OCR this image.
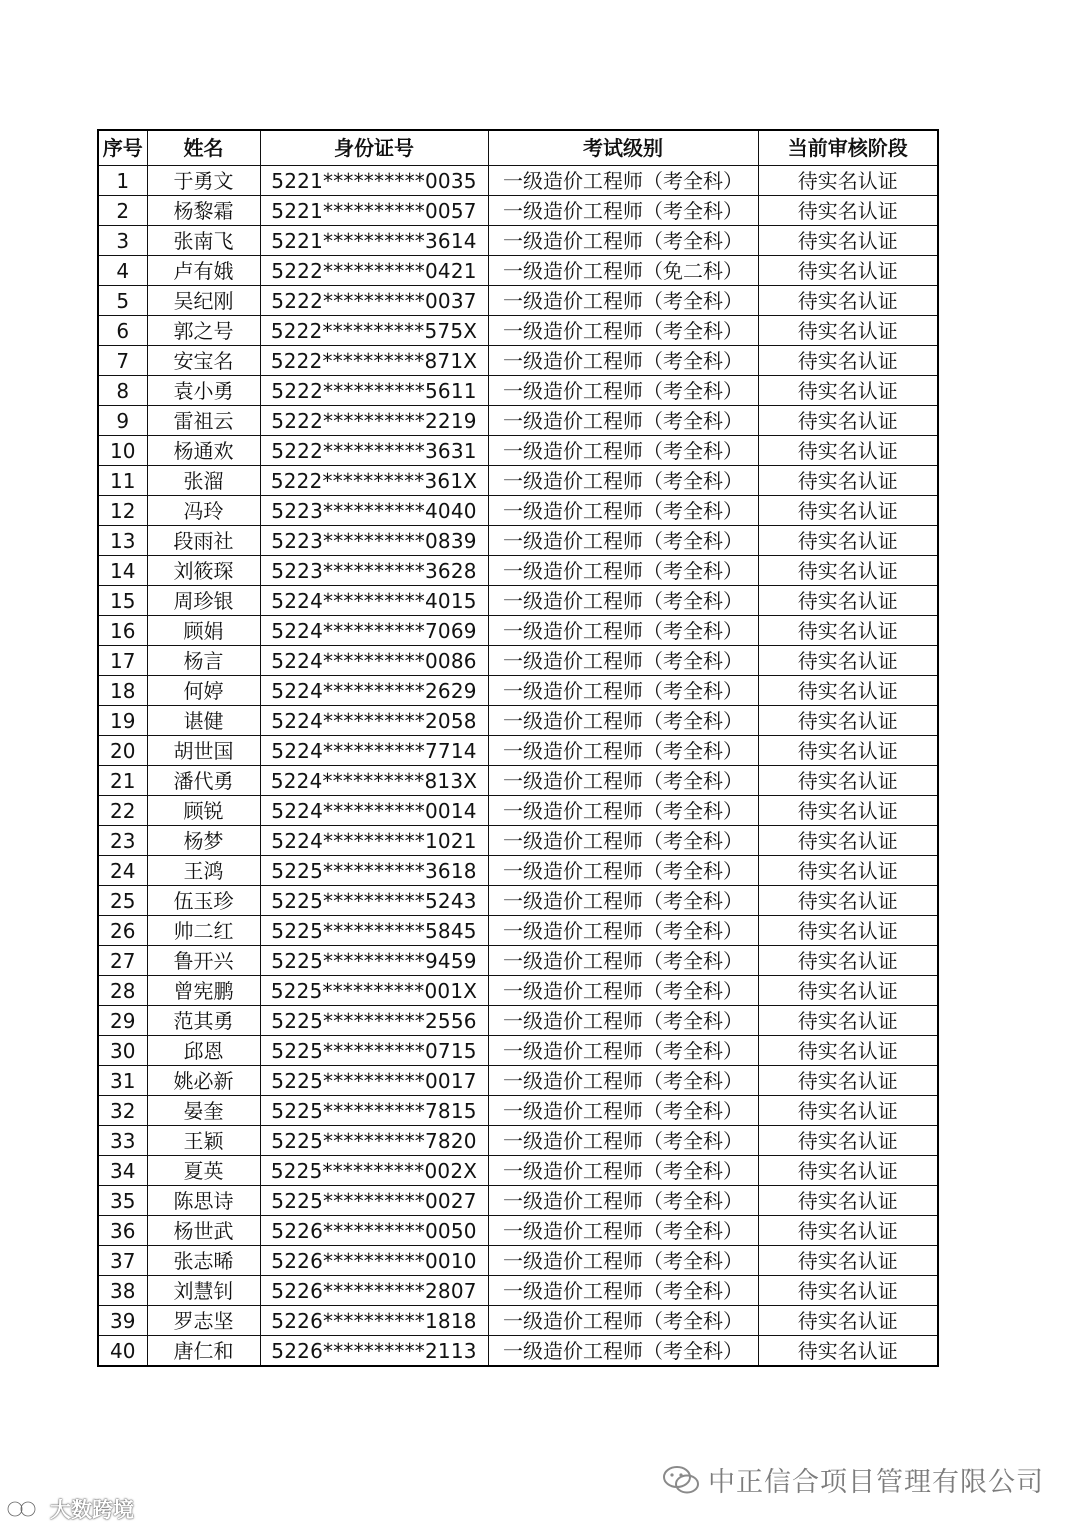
序号	姓名	身份证号	考试级别	当前审核阶段
1	于勇文	5221**********0035	一级造价工程师（考全科）	待实名认证
2	杨黎霜	5221**********0057	一级造价工程师（考全科）	待实名认证
3	张南飞	5221**********3614	一级造价工程师（考全科）	待实名认证
4	卢有娥	5222**********0421	一级造价工程师（免二科）	待实名认证
5	吴纪刚	5222**********0037	一级造价工程师（考全科）	待实名认证
6	郭之号	5222**********575X	一级造价工程师（考全科）	待实名认证
7	安宝名	5222**********871X	一级造价工程师（考全科）	待实名认证
8	袁小勇	5222**********5611	一级造价工程师（考全科）	待实名认证
9	雷祖云	5222**********2219	一级造价工程师（考全科）	待实名认证
10	杨通欢	5222**********3631	一级造价工程师（考全科）	待实名认证
11	张溜	5222**********361X	一级造价工程师（考全科）	待实名认证
12	冯玲	5223**********4040	一级造价工程师（考全科）	待实名认证
13	段雨社	5223**********0839	一级造价工程师（考全科）	待实名认证
14	刘筱琛	5223**********3628	一级造价工程师（考全科）	待实名认证
15	周珍银	5224**********4015	一级造价工程师（考全科）	待实名认证
16	顾娟	5224**********7069	一级造价工程师（考全科）	待实名认证
17	杨言	5224**********0086	一级造价工程师（考全科）	待实名认证
18	何婷	5224**********2629	一级造价工程师（考全科）	待实名认证
19	谌健	5224**********2058	一级造价工程师（考全科）	待实名认证
20	胡世国	5224**********7714	一级造价工程师（考全科）	待实名认证
21	潘代勇	5224**********813X	一级造价工程师（考全科）	待实名认证
22	顾锐	5224**********0014	一级造价工程师（考全科）	待实名认证
23	杨梦	5224**********1021	一级造价工程师（考全科）	待实名认证
24	王鸿	5225**********3618	一级造价工程师（考全科）	待实名认证
25	伍玉珍	5225**********5243	一级造价工程师（考全科）	待实名认证
26	帅二红	5225**********5845	一级造价工程师（考全科）	待实名认证
27	鲁开兴	5225**********9459	一级造价工程师（考全科）	待实名认证
28	曾宪鹏	5225**********001X	一级造价工程师（考全科）	待实名认证
29	范其勇	5225**********2556	一级造价工程师（考全科）	待实名认证
30	邱恩	5225**********0715	一级造价工程师（考全科）	待实名认证
31	姚必新	5225**********0017	一级造价工程师（考全科）	待实名认证
32	晏奎	5225**********7815	一级造价工程师（考全科）	待实名认证
33	王颖	5225**********7820	一级造价工程师（考全科）	待实名认证
34	夏英	5225**********002X	一级造价工程师（考全科）	待实名认证
35	陈思诗	5225**********0027	一级造价工程师（考全科）	待实名认证
36	杨世武	5226**********0050	一级造价工程师（考全科）	待实名认证
37	张志晞	5226**********0010	一级造价工程师（考全科）	待实名认证
38	刘慧钊	5226**********2807	一级造价工程师（考全科）	待实名认证
39	罗志坚	5226**********1818	一级造价工程师（考全科）	待实名认证
40	唐仁和	5226**********2113	一级造价工程师（考全科）	待实名认证
中正信合项目管理有限公司
大数跨境
